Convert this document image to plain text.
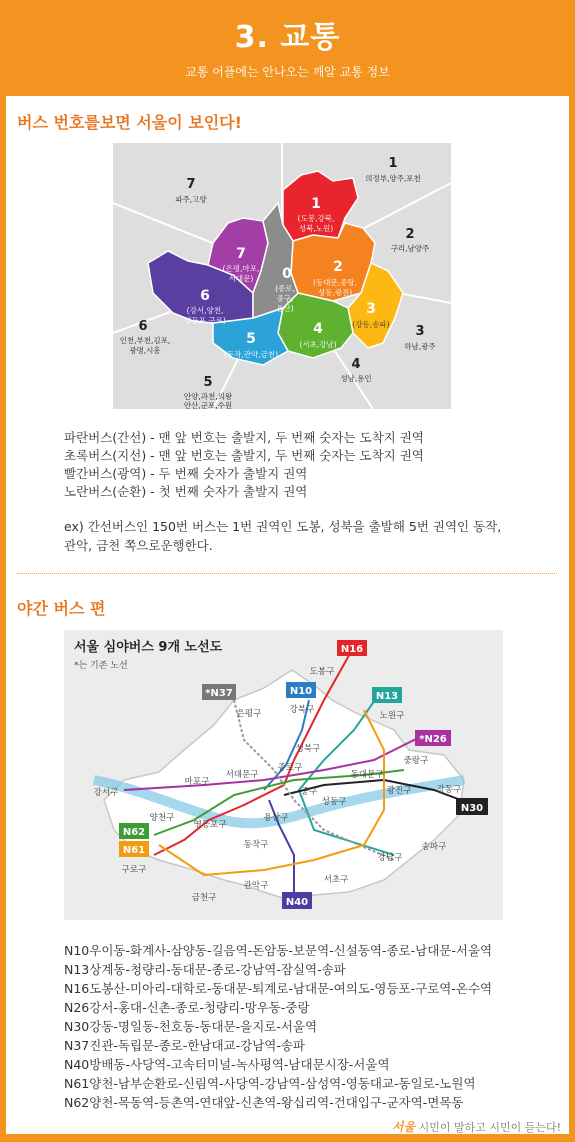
3. 교통
교통 어플에는 안나오는 깨알 교통 정보
버스 번호를보면 서울이 보인다!
0
1
2
3
4
5
6
7
(종로,
중구,
용산)
(도봉,강북,
성북,노원)
(동대문,중랑,
성동,광진)
(강동,송파)
(서초,강남)
(동작,관악,금천)
(강서,양천,
영등포,구로)
(은평,마포,
서대문)
1
2
3
4
5
6
7	의정부,양주,포천
구리,남양주
하남,광주
성남,용인
안양,과천,의왕
안산,군포,수원
인천,부천,김포,
광명,시흥
파주,고양
파란버스(간선) - 맨 앞 번호는 출발지, 두 번째 숫자는 도착지 권역
초록버스(지선) - 맨 앞 번호는 출발지, 두 번째 숫자는 도착지 권역
빨간버스(광역) - 두 번째 숫자가 출발지 권역
노란버스(순환) - 첫 번째 숫자가 출발지 권역
ex) 간선버스인 150번 버스는 1번 권역인 도봉, 성북을 출발해 5번 권역인 동작,
관악, 금천 쪽으로운행한다.
야간 버스 편
서울 심야버스 9개 노선도
*는 기존 노선
N16
*N37	N10	N13
*N26
N30
N62
N61
N40
도봉구
강북구
노원구
은평구
성북구
중랑구
마포구
서대문구
종로구
동대문구
강서구	중구
성동구
광진구	강동구
양천구
영등포구
용산구
송파구
구로구
동작구
강남구
금천구
관악구
서초구
N10우이동-화계사-삼양동-길음역-돈암동-보문역-신설동역-종로-남대문-서울역
N13상계동-청량리-동대문-종로-강남역-잠실역-송파
N16도봉산-미아리-대학로-동대문-퇴계로-남대문-여의도-영등포-구로역-온수역
N26강서-홍대-신촌-종로-청량리-망우동-중랑
N30강동-명일동-천호동-동대문-을지로-서울역
N37진관-독립문-종로-한남대교-강남역-송파
N40방배동-사당역-고속터미널-녹사평역-남대문시장-서울역
N61양천-남부순환로-신림역-사당역-강남역-삼성역-영동대교-동일로-노원역
N62양천-목동역-등촌역-연대앞-신촌역-왕십리역-건대입구-군자역-면목동
서울 시민이 말하고 시민이 듣는다!
